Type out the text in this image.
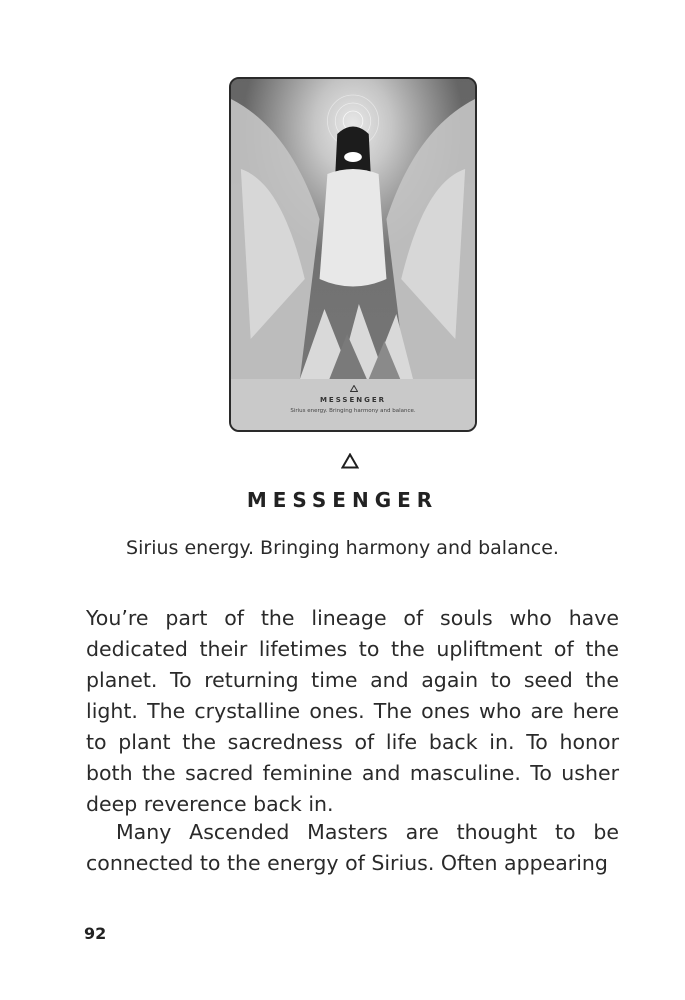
MESSENGER
Sirius energy. Bringing harmony and balance.
MESSENGER
Sirius energy. Bringing harmony and balance.

You’re part of the lineage of souls who have dedicated their lifetimes to the upliftment of the planet. To returning time and again to seed the light. The crystalline ones. The ones who are here to plant the sacredness of life back in. To honor both the sacred feminine and masculine. To usher deep reverence back in.

Many Ascended Masters are thought to be connected to the energy of Sirius. Often appearing

92
